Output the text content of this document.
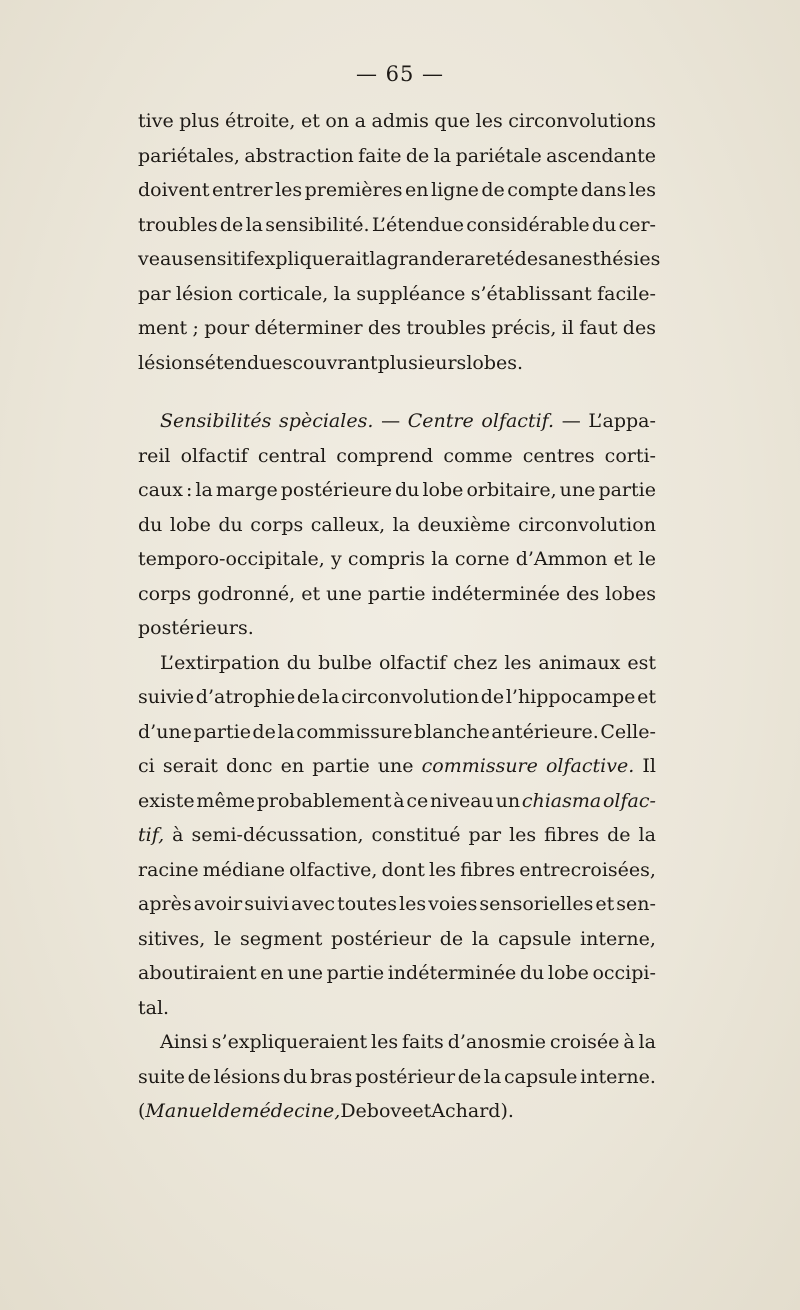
— 65 —
tive plus étroite, et on a admis que les circonvolutions
pariétales, abstraction faite de la pariétale ascendante
doivent entrer les premières en ligne de compte dans les
troubles de la sensibilité. L’étendue considérable du cer-
veau sensitif expliquerait la grande rareté des anesthésies
par lésion corticale, la suppléance s’établissant facile-
ment ; pour déterminer des troubles précis, il faut des
lésions étendues couvrant plusieurs lobes.
Sensibilités spèciales. — Centre olfactif. — L’appa-
reil olfactif central comprend comme centres corti-
caux : la marge postérieure du lobe orbitaire, une partie
du lobe du corps calleux, la deuxième circonvolution
temporo-occipitale, y compris la corne d’Ammon et le
corps godronné, et une partie indéterminée des lobes
postérieurs.
L’extirpation du bulbe olfactif chez les animaux est
suivie d’atrophie de la circonvolution de l’hippocampe et
d’une partie de la commissure blanche antérieure. Celle-
ci serait donc en partie une commissure olfactive. Il
existe même probablement à ce niveau un chiasma olfac-
tif, à semi-décussation, constitué par les fibres de la
racine médiane olfactive, dont les fibres entrecroisées,
après avoir suivi avec toutes les voies sensorielles et sen-
sitives, le segment postérieur de la capsule interne,
aboutiraient en une partie indéterminée du lobe occipi-
tal.
Ainsi s’expliqueraient les faits d’anosmie croisée à la
suite de lésions du bras postérieur de la capsule interne.
(Manuel de médecine, Debove et Achard).
